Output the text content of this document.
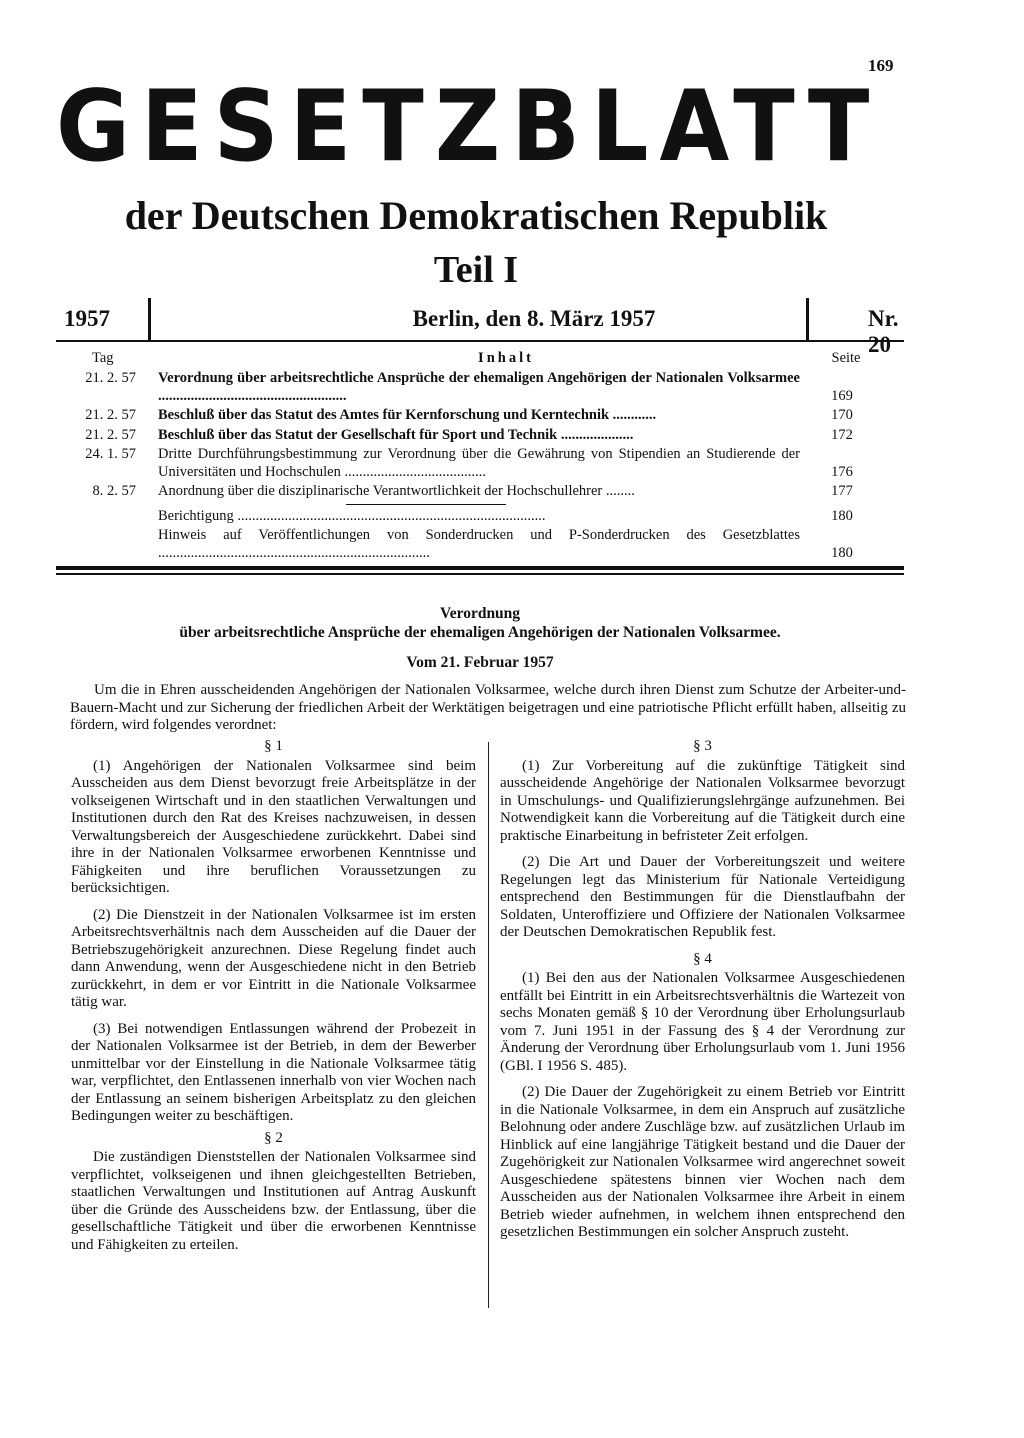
169
GESETZBLATT
der Deutschen Demokratischen Republik
Teil I
1957	Berlin, den 8. März 1957	Nr. 20
Tag	Inhalt	Seite
21. 2. 57 Verordnung über arbeitsrechtliche Ansprüche der ehemaligen Angehörigen der Nationalen Volksarmee ....................................................	169
21. 2. 57 Beschluß über das Statut des Amtes für Kernforschung und Kerntechnik ............	170
21. 2. 57 Beschluß über das Statut der Gesellschaft für Sport und Technik ....................	172
24. 1. 57 Dritte Durchführungsbestimmung zur Verordnung über die Gewährung von Stipendien an Studierende der Universitäten und Hochschulen .......................................	176
8. 2. 57 Anordnung über die disziplinarische Verantwortlichkeit der Hochschullehrer ........	177
Berichtigung .....................................................................................	180
Hinweis auf Veröffentlichungen von Sonderdrucken und P-Sonderdrucken des Gesetzblattes ...........................................................................	180
Verordnung
über arbeitsrechtliche Ansprüche der ehemaligen Angehörigen der Nationalen Volksarmee.
Vom 21. Februar 1957

Um die in Ehren ausscheidenden Angehörigen der Nationalen Volksarmee, welche durch ihren Dienst zum Schutze der Arbeiter-und-Bauern-Macht und zur Sicherung der friedlichen Arbeit der Werktätigen beigetragen und eine patriotische Pflicht erfüllt haben, allseitig zu fördern, wird folgendes verordnet:

§ 1

(1) Angehörigen der Nationalen Volksarmee sind beim Ausscheiden aus dem Dienst bevorzugt freie Arbeitsplätze in der volkseigenen Wirtschaft und in den staatlichen Verwaltungen und Institutionen durch den Rat des Kreises nachzuweisen, in dessen Verwaltungsbereich der Ausgeschiedene zurückkehrt. Dabei sind ihre in der Nationalen Volksarmee erworbenen Kenntnisse und Fähigkeiten und ihre beruflichen Voraussetzungen zu berücksichtigen.

(2) Die Dienstzeit in der Nationalen Volksarmee ist im ersten Arbeitsrechtsverhältnis nach dem Ausscheiden auf die Dauer der Betriebszugehörigkeit anzurechnen. Diese Regelung findet auch dann Anwendung, wenn der Ausgeschiedene nicht in den Betrieb zurückkehrt, in dem er vor Eintritt in die Nationale Volksarmee tätig war.

(3) Bei notwendigen Entlassungen während der Probezeit in der Nationalen Volksarmee ist der Betrieb, in dem der Bewerber unmittelbar vor der Einstellung in die Nationale Volksarmee tätig war, verpflichtet, den Entlassenen innerhalb von vier Wochen nach der Entlassung an seinem bisherigen Arbeitsplatz zu den gleichen Bedingungen weiter zu beschäftigen.

§ 2

Die zuständigen Dienststellen der Nationalen Volksarmee sind verpflichtet, volkseigenen und ihnen gleichgestellten Betrieben, staatlichen Verwaltungen und Institutionen auf Antrag Auskunft über die Gründe des Ausscheidens bzw. der Entlassung, über die gesellschaftliche Tätigkeit und über die erworbenen Kenntnisse und Fähigkeiten zu erteilen.

§ 3

(1) Zur Vorbereitung auf die zukünftige Tätigkeit sind ausscheidende Angehörige der Nationalen Volksarmee bevorzugt in Umschulungs- und Qualifizierungslehrgänge aufzunehmen. Bei Notwendigkeit kann die Vorbereitung auf die Tätigkeit durch eine praktische Einarbeitung in befristeter Zeit erfolgen.

(2) Die Art und Dauer der Vorbereitungszeit und weitere Regelungen legt das Ministerium für Nationale Verteidigung entsprechend den Bestimmungen für die Dienstlaufbahn der Soldaten, Unteroffiziere und Offiziere der Nationalen Volksarmee der Deutschen Demokratischen Republik fest.

§ 4

(1) Bei den aus der Nationalen Volksarmee Ausgeschiedenen entfällt bei Eintritt in ein Arbeitsrechtsverhältnis die Wartezeit von sechs Monaten gemäß § 10 der Verordnung über Erholungsurlaub vom 7. Juni 1951 in der Fassung des § 4 der Verordnung zur Änderung der Verordnung über Erholungsurlaub vom 1. Juni 1956 (GBl. I 1956 S. 485).

(2) Die Dauer der Zugehörigkeit zu einem Betrieb vor Eintritt in die Nationale Volksarmee, in dem ein Anspruch auf zusätzliche Belohnung oder andere Zuschläge bzw. auf zusätzlichen Urlaub im Hinblick auf eine langjährige Tätigkeit bestand und die Dauer der Zugehörigkeit zur Nationalen Volksarmee wird angerechnet soweit Ausgeschiedene spätestens binnen vier Wochen nach dem Ausscheiden aus der Nationalen Volksarmee ihre Arbeit in einem Betrieb wieder aufnehmen, in welchem ihnen entsprechend den gesetzlichen Bestimmungen ein solcher Anspruch zusteht.
